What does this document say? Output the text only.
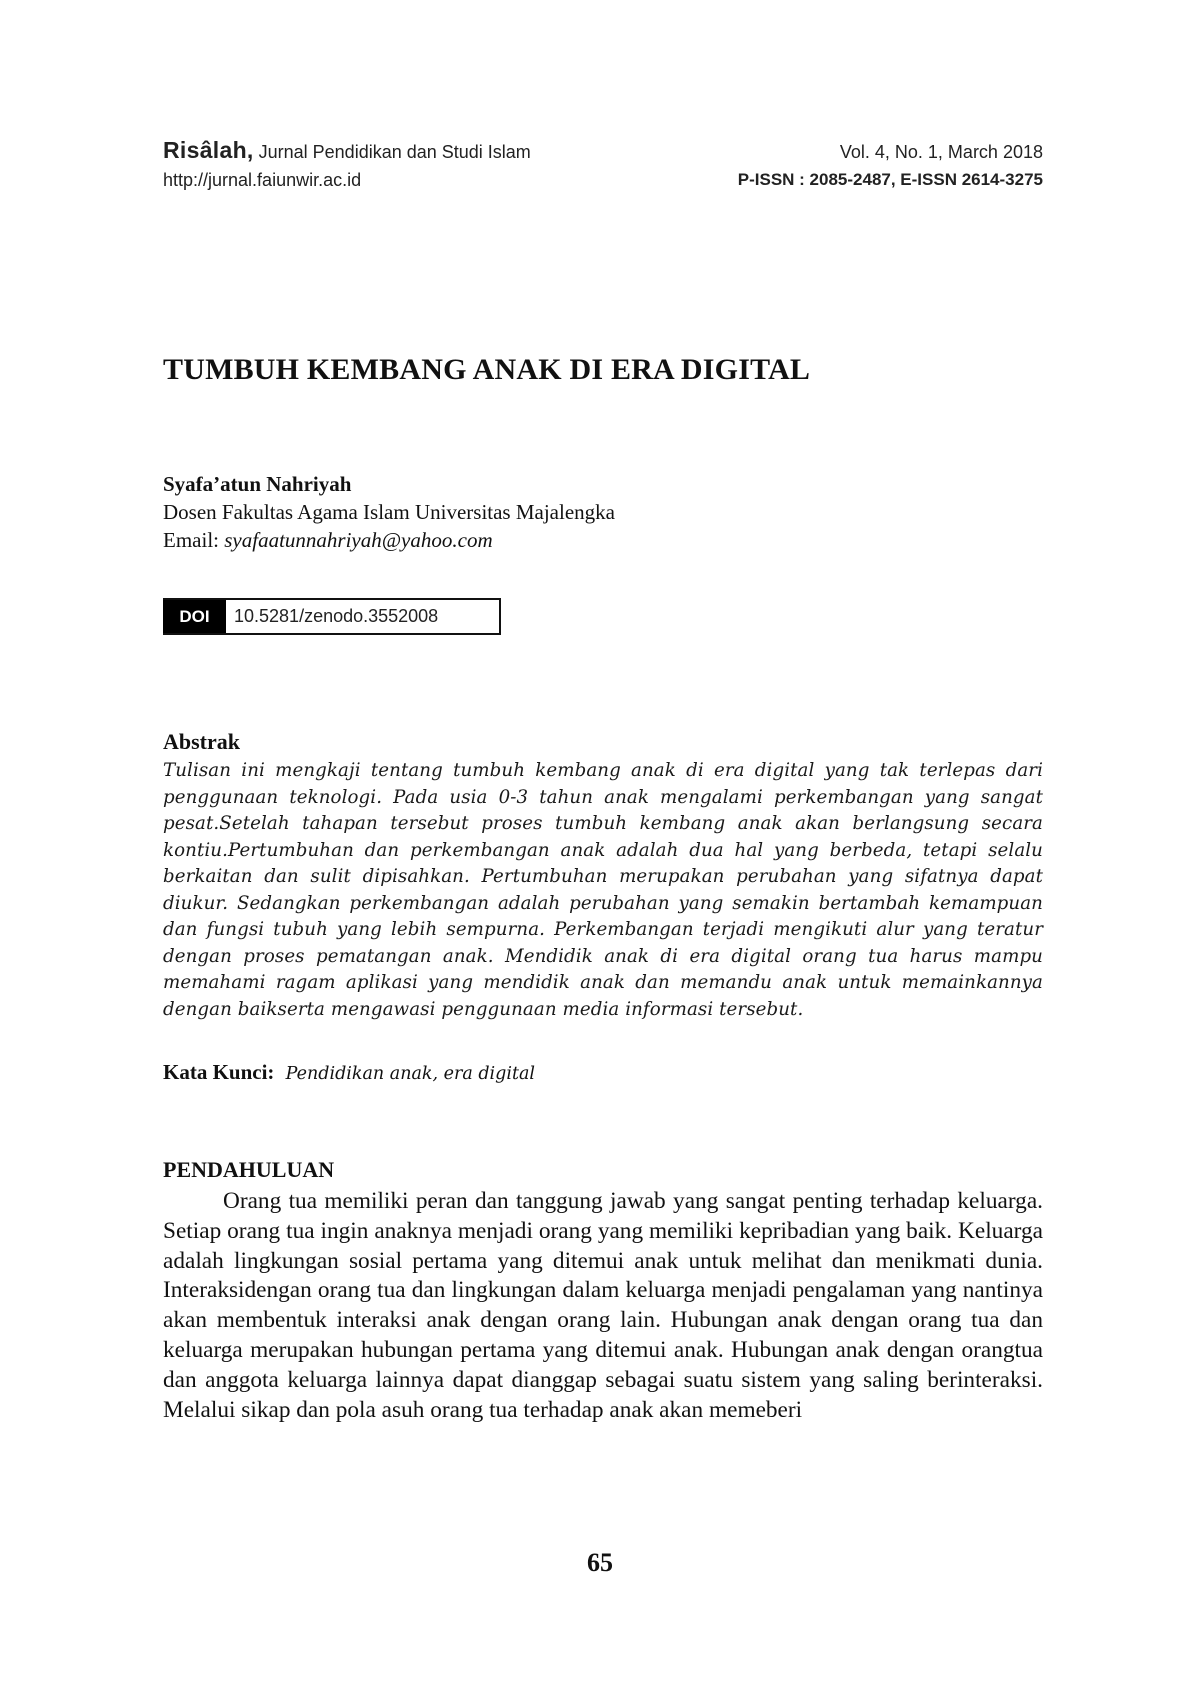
Risâlah, Jurnal Pendidikan dan Studi Islam
http://jurnal.faiunwir.ac.id
Vol. 4, No. 1, March 2018
P-ISSN : 2085-2487, E-ISSN 2614-3275
TUMBUH KEMBANG ANAK DI ERA DIGITAL
Syafa’atun Nahriyah
Dosen Fakultas Agama Islam Universitas Majalengka
Email: syafaatunnahriyah@yahoo.com
DOI	10.5281/zenodo.3552008
Abstrak
Tulisan ini mengkaji tentang tumbuh kembang anak di era digital yang tak terlepas dari penggunaan teknologi. Pada usia 0-3 tahun anak mengalami perkembangan yang sangat pesat.Setelah tahapan tersebut proses tumbuh kembang anak akan berlangsung secara kontiu.Pertumbuhan dan perkembangan anak adalah dua hal yang berbeda, tetapi selalu berkaitan dan sulit dipisahkan. Pertumbuhan merupakan perubahan yang sifatnya dapat diukur. Sedangkan perkembangan adalah perubahan yang semakin bertambah kemampuan dan fungsi tubuh yang lebih sempurna. Perkembangan terjadi mengikuti alur yang teratur dengan proses pematangan anak. Mendidik anak di era digital orang tua harus mampu memahami ragam aplikasi yang mendidik anak dan memandu anak untuk memainkannya dengan baikserta mengawasi penggunaan media informasi tersebut.
Kata Kunci: Pendidikan anak, era digital
PENDAHULUAN
Orang tua memiliki peran dan tanggung jawab yang sangat penting terhadap keluarga. Setiap orang tua ingin anaknya menjadi orang yang memiliki kepribadian yang baik. Keluarga adalah lingkungan sosial pertama yang ditemui anak untuk melihat dan menikmati dunia. Interaksidengan orang tua dan lingkungan dalam keluarga menjadi pengalaman yang nantinya akan membentuk interaksi anak dengan orang lain. Hubungan anak dengan orang tua dan keluarga merupakan hubungan pertama yang ditemui anak. Hubungan anak dengan orangtua dan anggota keluarga lainnya dapat dianggap sebagai suatu sistem yang saling berinteraksi. Melalui sikap dan pola asuh orang tua terhadap anak akan memeberi
65
